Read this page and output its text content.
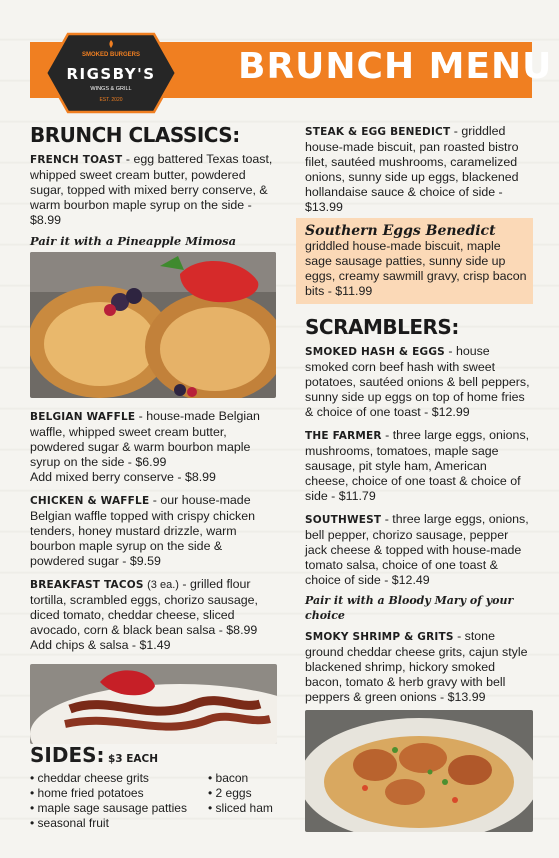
BRUNCH MENU
SMOKED BURGERS
RIGSBY'S
WINGS & GRILL
EST. 2020
BRUNCH CLASSICS:

FRENCH TOAST - egg battered Texas toast, whipped sweet cream butter, powdered sugar, topped with mixed berry conserve, & warm bourbon maple syrup on the side - $8.99

Pair it with a Pineapple Mimosa

BELGIAN WAFFLE - house-made Belgian waffle, whipped sweet cream butter, powdered sugar & warm bourbon maple syrup on the side - $6.99
Add mixed berry conserve - $8.99

CHICKEN & WAFFLE - our house-made Belgian waffle topped with crispy chicken tenders, honey mustard drizzle, warm bourbon maple syrup on the side & powdered sugar - $9.59

BREAKFAST TACOS (3 ea.) - grilled flour tortilla, scrambled eggs, chorizo sausage, diced tomato, cheddar cheese, sliced avocado, corn & black bean salsa - $8.99
Add chips & salsa - $1.49

SIDES: $3 EACH
• cheddar cheese grits
• home fried potatoes
• maple sage sausage patties
• seasonal fruit
• bacon
• 2 eggs
• sliced ham

STEAK & EGG BENEDICT - griddled house-made biscuit, pan roasted bistro filet, sautéed mushrooms, caramelized onions, sunny side up eggs, blackened hollandaise sauce & choice of side - $13.99

Southern Eggs Benedict
griddled house-made biscuit, maple sage sausage patties, sunny side up eggs, creamy sawmill gravy, crisp bacon bits - $11.99
SCRAMBLERS:

SMOKED HASH & EGGS - house smoked corn beef hash with sweet potatoes, sautéed onions & bell peppers, sunny side up eggs on top of home fries & choice of one toast - $12.99

THE FARMER - three large eggs, onions, mushrooms, tomatoes, maple sage sausage, pit style ham, American cheese, choice of one toast & choice of side - $11.79

SOUTHWEST - three large eggs, onions, bell pepper, chorizo sausage, pepper jack cheese & topped with house-made tomato salsa, choice of one toast & choice of side - $12.49

Pair it with a Bloody Mary of your choice

SMOKY SHRIMP & GRITS - stone ground cheddar cheese grits, cajun style blackened shrimp, hickory smoked bacon, tomato & herb gravy with bell peppers & green onions - $13.99
